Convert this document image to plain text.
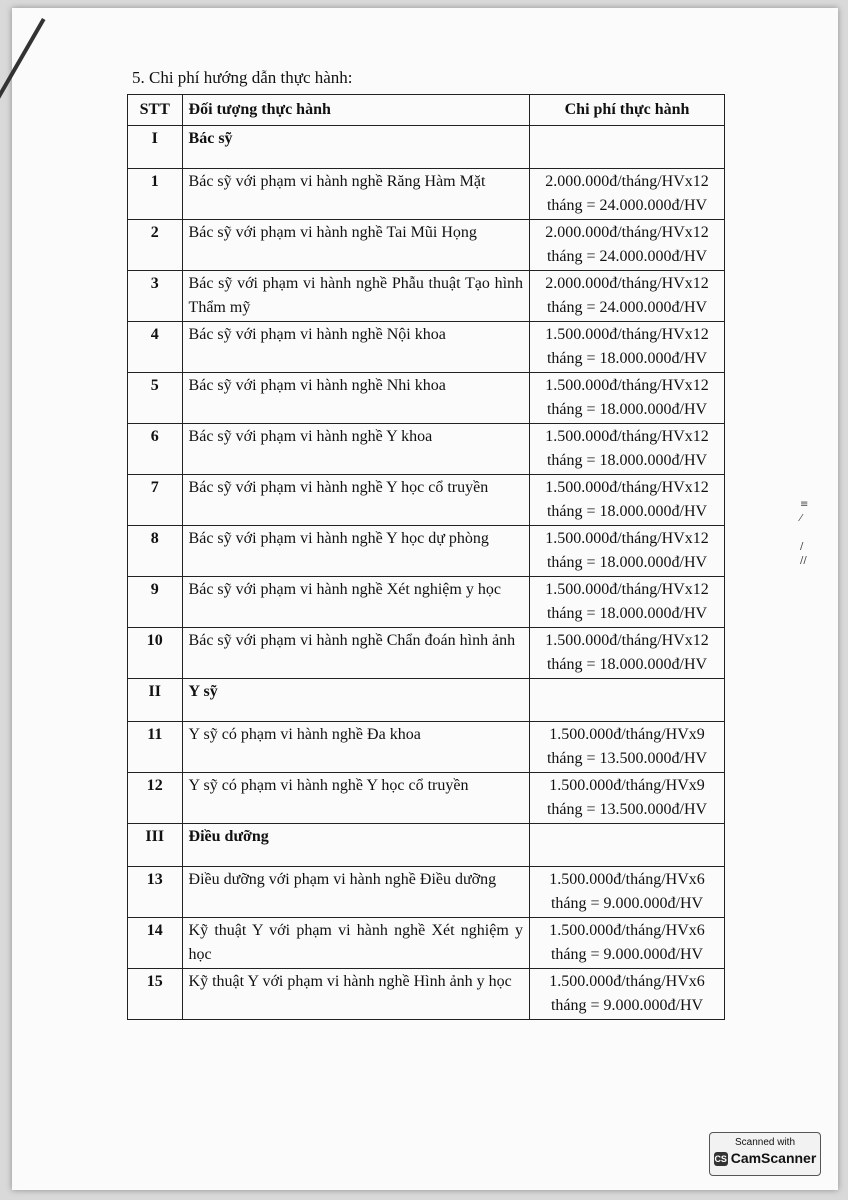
5. Chi phí hướng dẫn thực hành:
STT	Đối tượng thực hành	Chi phí thực hành
I	Bác sỹ	
1	Bác sỹ với phạm vi hành nghề Răng Hàm Mặt	2.000.000đ/tháng/HVx12
tháng = 24.000.000đ/HV

2	Bác sỹ với phạm vi hành nghề Tai Mũi Họng	2.000.000đ/tháng/HVx12
tháng = 24.000.000đ/HV

3	Bác sỹ với phạm vi hành nghề Phẫu thuật Tạo hình Thẩm mỹ	2.000.000đ/tháng/HVx12
tháng = 24.000.000đ/HV

4	Bác sỹ với phạm vi hành nghề Nội khoa	1.500.000đ/tháng/HVx12
tháng = 18.000.000đ/HV

5	Bác sỹ với phạm vi hành nghề Nhi khoa	1.500.000đ/tháng/HVx12
tháng = 18.000.000đ/HV

6	Bác sỹ với phạm vi hành nghề Y khoa	1.500.000đ/tháng/HVx12
tháng = 18.000.000đ/HV

7	Bác sỹ với phạm vi hành nghề Y học cổ truyền	1.500.000đ/tháng/HVx12
tháng = 18.000.000đ/HV

8	Bác sỹ với phạm vi hành nghề Y học dự phòng	1.500.000đ/tháng/HVx12
tháng = 18.000.000đ/HV

9	Bác sỹ với phạm vi hành nghề Xét nghiệm y học	1.500.000đ/tháng/HVx12
tháng = 18.000.000đ/HV

10	Bác sỹ với phạm vi hành nghề Chẩn đoán hình ảnh	1.500.000đ/tháng/HVx12
tháng = 18.000.000đ/HV

II	Y sỹ	
11	Y sỹ có phạm vi hành nghề Đa khoa	1.500.000đ/tháng/HVx9
tháng = 13.500.000đ/HV

12	Y sỹ có phạm vi hành nghề Y học cổ truyền	1.500.000đ/tháng/HVx9
tháng = 13.500.000đ/HV

III	Điều dưỡng	
13	Điều dưỡng với phạm vi hành nghề Điều dưỡng	1.500.000đ/tháng/HVx6
tháng = 9.000.000đ/HV

14	Kỹ thuật Y với phạm vi hành nghề Xét nghiệm y học	1.500.000đ/tháng/HVx6
tháng = 9.000.000đ/HV

15	Kỹ thuật Y với phạm vi hành nghề Hình ảnh y học	1.500.000đ/tháng/HVx6
tháng = 9.000.000đ/HV
≡
⁄

/
//
Scanned with
CS CamScanner
